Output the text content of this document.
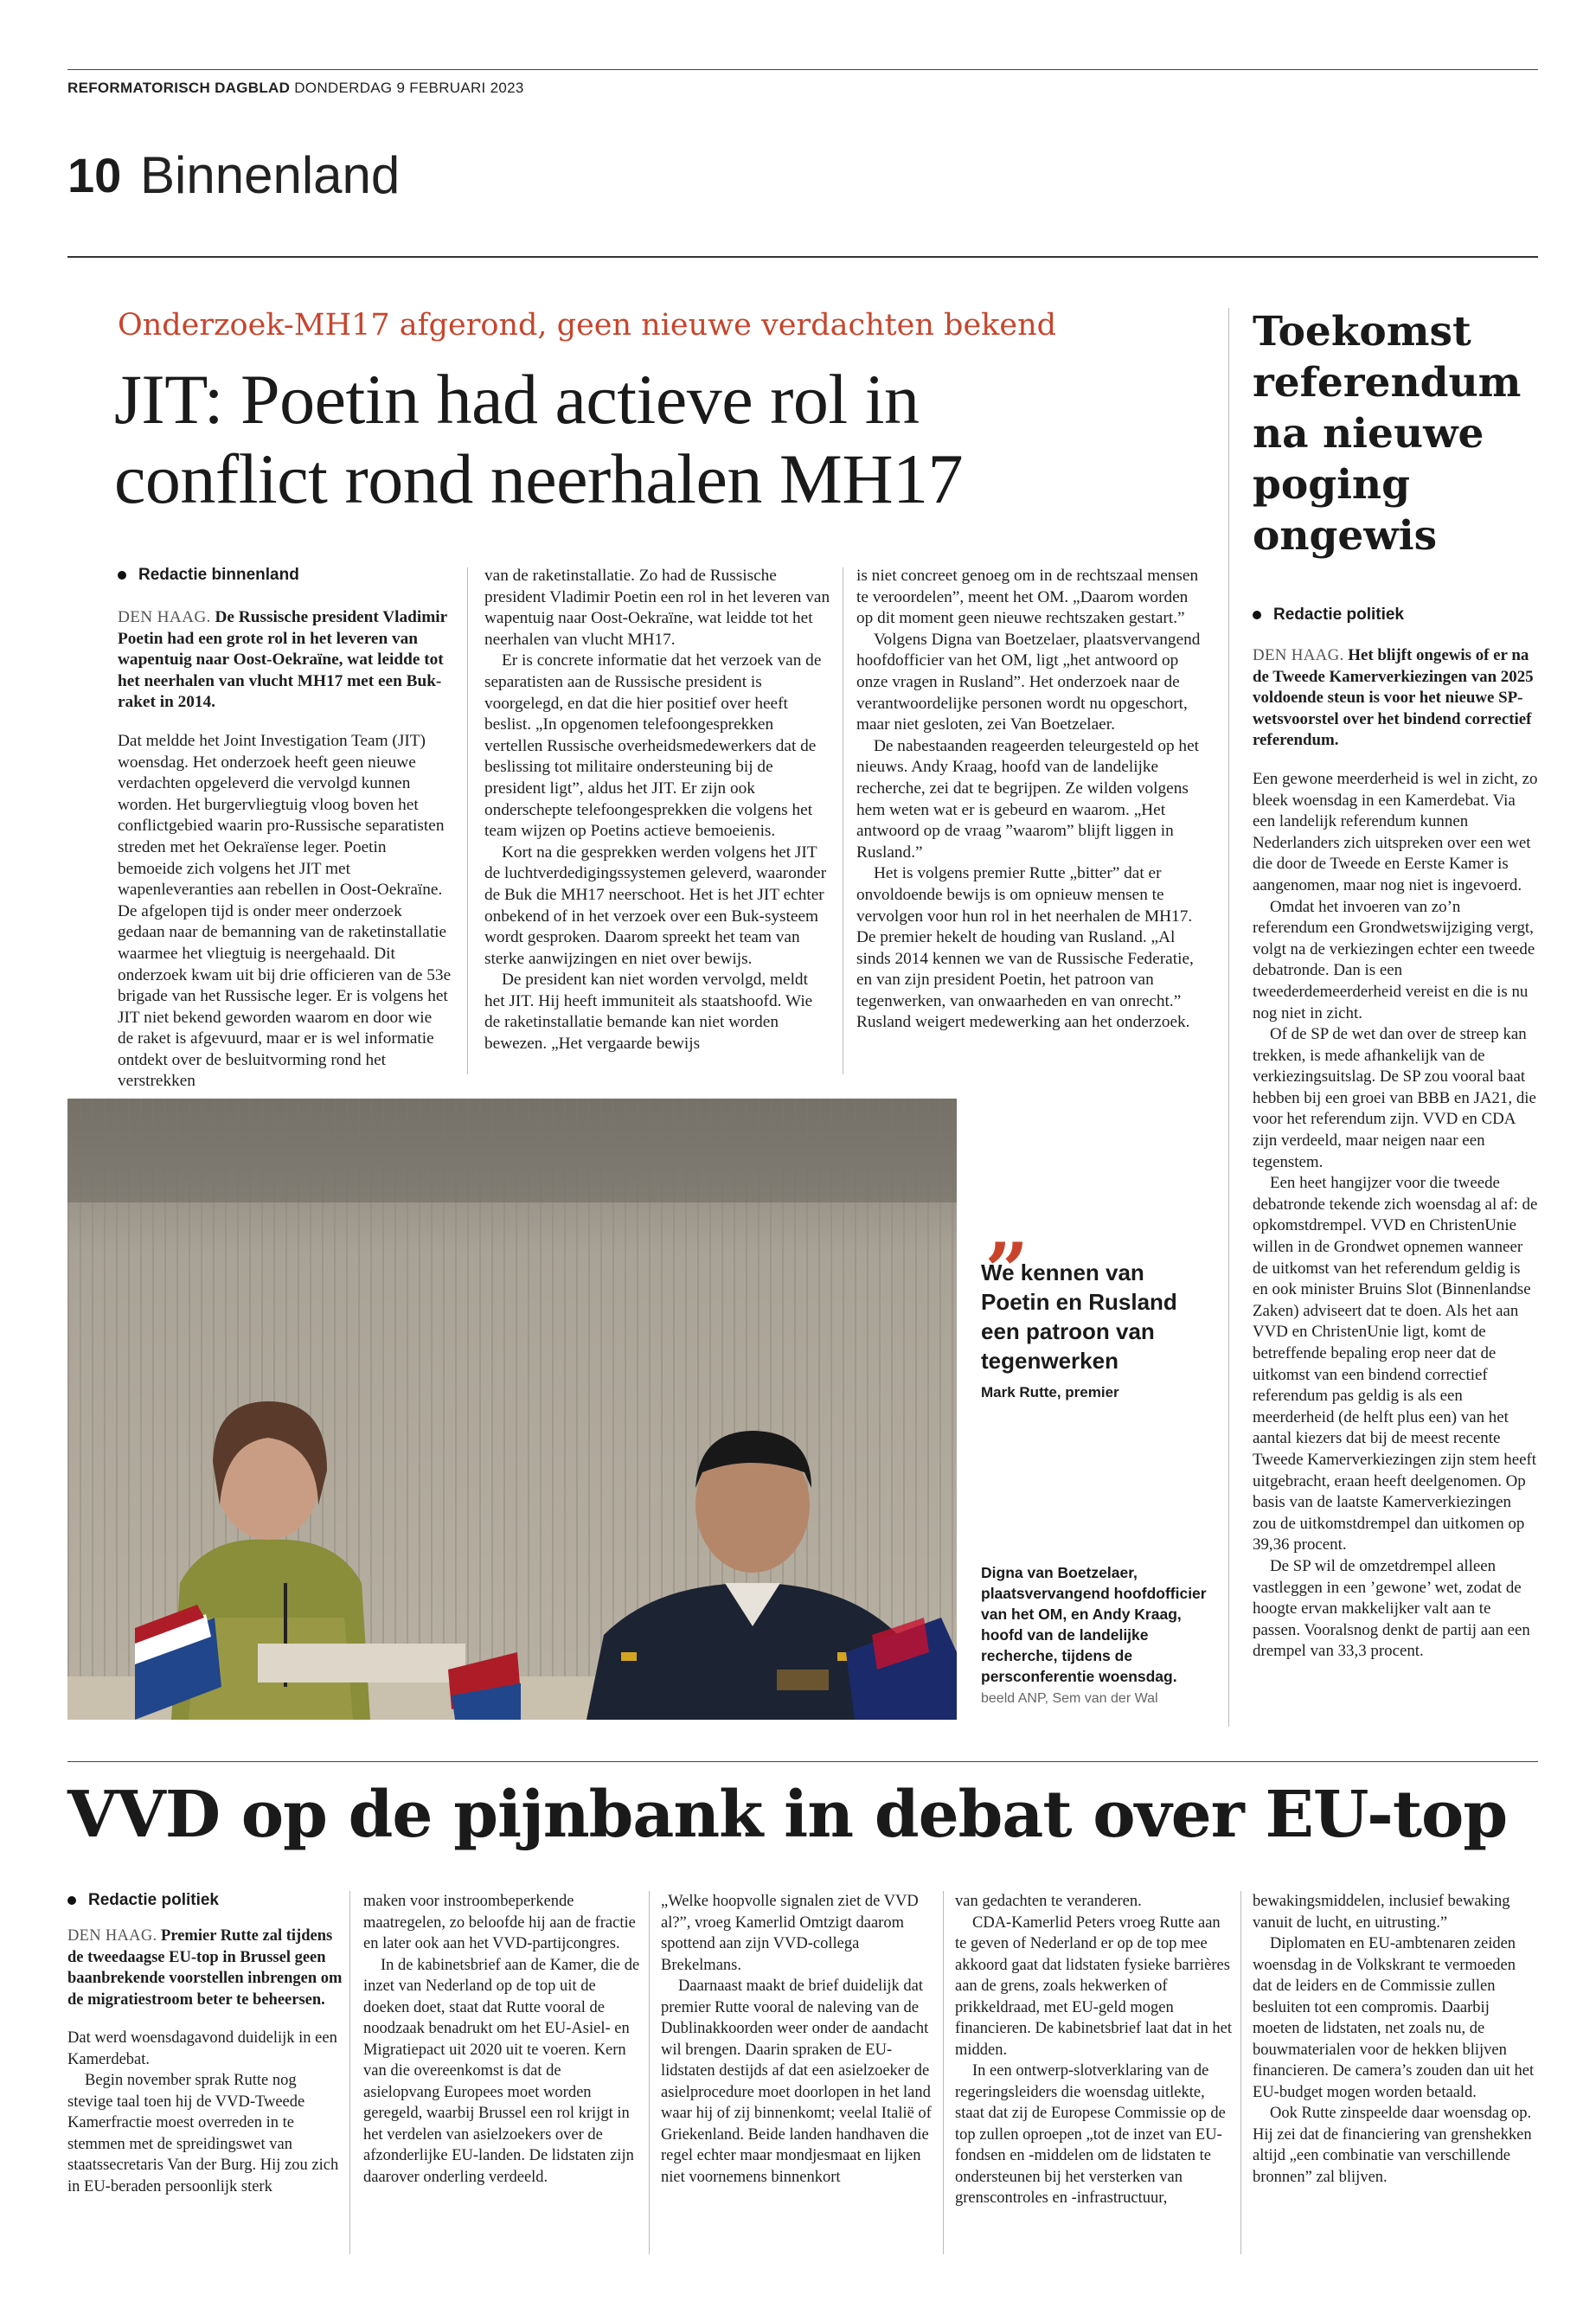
REFORMATORISCH DAGBLAD DONDERDAG 9 FEBRUARI 2023
10 Binnenland
Onderzoek-MH17 afgerond, geen nieuwe verdachten bekend
JIT: Poetin had actieve rol in
conflict rond neerhalen MH17
Redactie binnenland

DEN HAAG. De Russische president Vladimir Poetin had een grote rol in het leveren van wapentuig naar Oost-Oekraïne, wat leidde tot het neerhalen van vlucht MH17 met een Buk-raket in 2014.

Dat meldde het Joint Investigation Team (JIT) woensdag. Het onderzoek heeft geen nieuwe verdachten opgeleverd die vervolgd kunnen worden. Het burgervliegtuig vloog boven het conflictgebied waarin pro-Russische separatisten streden met het Oekraïense leger. Poetin bemoeide zich volgens het JIT met wapenleveranties aan rebellen in Oost-Oekraïne.

De afgelopen tijd is onder meer onderzoek gedaan naar de bemanning van de raketinstallatie waarmee het vliegtuig is neergehaald. Dit onderzoek kwam uit bij drie officieren van de 53e brigade van het Russische leger. Er is volgens het JIT niet bekend geworden waarom en door wie de raket is afgevuurd, maar er is wel informatie ontdekt over de besluitvorming rond het verstrekken

van de raketinstallatie. Zo had de Russische president Vladimir Poetin een rol in het leveren van wapentuig naar Oost-Oekraïne, wat leidde tot het neerhalen van vlucht MH17.

Er is concrete informatie dat het verzoek van de separatisten aan de Russische president is voorgelegd, en dat die hier positief over heeft beslist. „In opgenomen telefoongesprekken vertellen Russische overheidsmedewerkers dat de beslissing tot militaire ondersteuning bij de president ligt”, aldus het JIT. Er zijn ook onderschepte telefoongesprekken die volgens het team wijzen op Poetins actieve bemoeienis.

Kort na die gesprekken werden volgens het JIT de luchtverdedigingssystemen geleverd, waaronder de Buk die MH17 neerschoot. Het is het JIT echter onbekend of in het verzoek over een Buk-systeem wordt gesproken. Daarom spreekt het team van sterke aanwijzingen en niet over bewijs.

De president kan niet worden vervolgd, meldt het JIT. Hij heeft immuniteit als staatshoofd. Wie de raketinstallatie bemande kan niet worden bewezen. „Het vergaarde bewijs

is niet concreet genoeg om in de rechtszaal mensen te veroordelen”, meent het OM. „Daarom worden op dit moment geen nieuwe rechtszaken gestart.”

Volgens Digna van Boetzelaer, plaatsvervangend hoofdofficier van het OM, ligt „het antwoord op onze vragen in Rusland”. Het onderzoek naar de verantwoordelijke personen wordt nu opgeschort, maar niet gesloten, zei Van Boetzelaer.

De nabestaanden reageerden teleurgesteld op het nieuws. Andy Kraag, hoofd van de landelijke recherche, zei dat te begrijpen. Ze wilden volgens hem weten wat er is gebeurd en waarom. „Het antwoord op de vraag ”waarom” blijft liggen in Rusland.”

Het is volgens premier Rutte „bitter” dat er onvoldoende bewijs is om opnieuw mensen te vervolgen voor hun rol in het neerhalen de MH17. De premier hekelt de houding van Rusland. „Al sinds 2014 kennen we van de Russische Federatie, en van zijn president Poetin, het patroon van tegenwerken, van onwaarheden en van onrecht.” Rusland weigert medewerking aan het onderzoek.

„
We kennen van Poetin en Rusland een patroon van tegenwerken
Mark Rutte, premier
Digna van Boetzelaer, plaatsvervangend hoofdofficier van het OM, en Andy Kraag, hoofd van de landelijke recherche, tijdens de persconferentie woensdag. beeld ANP, Sem van der Wal
Toekomst referendum na nieuwe poging ongewis
Redactie politiek

DEN HAAG. Het blijft ongewis of er na de Tweede Kamerverkiezingen van 2025 voldoende steun is voor het nieuwe SP-wetsvoorstel over het bindend correctief referendum.

Een gewone meerderheid is wel in zicht, zo bleek woensdag in een Kamerdebat. Via een landelijk referendum kunnen Nederlanders zich uitspreken over een wet die door de Tweede en Eerste Kamer is aangenomen, maar nog niet is ingevoerd.

Omdat het invoeren van zo’n referendum een Grondwetswijziging vergt, volgt na de verkiezingen echter een tweede debatronde. Dan is een tweederdemeerderheid vereist en die is nu nog niet in zicht.

Of de SP de wet dan over de streep kan trekken, is mede afhankelijk van de verkiezingsuitslag. De SP zou vooral baat hebben bij een groei van BBB en JA21, die voor het referendum zijn. VVD en CDA zijn verdeeld, maar neigen naar een tegenstem.

Een heet hangijzer voor die tweede debatronde tekende zich woensdag al af: de opkomstdrempel. VVD en ChristenUnie willen in de Grondwet opnemen wanneer de uitkomst van het referendum geldig is en ook minister Bruins Slot (Binnenlandse Zaken) adviseert dat te doen. Als het aan VVD en ChristenUnie ligt, komt de betreffende bepaling erop neer dat de uitkomst van een bindend correctief referendum pas geldig is als een meerderheid (de helft plus een) van het aantal kiezers dat bij de meest recente Tweede Kamerverkiezingen zijn stem heeft uitgebracht, eraan heeft deelgenomen. Op basis van de laatste Kamerverkiezingen zou de uitkomstdrempel dan uitkomen op 39,36 procent.

De SP wil de omzetdrempel alleen vastleggen in een ’gewone’ wet, zodat de hoogte ervan makkelijker valt aan te passen. Vooralsnog denkt de partij aan een drempel van 33,3 procent.

VVD op de pijnbank in debat over EU-top
Redactie politiek

DEN HAAG. Premier Rutte zal tijdens de tweedaagse EU-top in Brussel geen baanbrekende voorstellen inbrengen om de migratiestroom beter te beheersen.

Dat werd woensdagavond duidelijk in een Kamerdebat.

Begin november sprak Rutte nog stevige taal toen hij de VVD-Tweede Kamerfractie moest overreden in te stemmen met de spreidingswet van staatssecretaris Van der Burg. Hij zou zich in EU-beraden persoonlijk sterk

maken voor instroombeperkende maatregelen, zo beloofde hij aan de fractie en later ook aan het VVD-partijcongres.

In de kabinetsbrief aan de Kamer, die de inzet van Nederland op de top uit de doeken doet, staat dat Rutte vooral de noodzaak benadrukt om het EU-Asiel- en Migratiepact uit 2020 uit te voeren. Kern van die overeenkomst is dat de asielopvang Europees moet worden geregeld, waarbij Brussel een rol krijgt in het verdelen van asielzoekers over de afzonderlijke EU-landen. De lidstaten zijn daarover onderling verdeeld.

„Welke hoopvolle signalen ziet de VVD al?”, vroeg Kamerlid Omtzigt daarom spottend aan zijn VVD-collega Brekelmans.

Daarnaast maakt de brief duidelijk dat premier Rutte vooral de naleving van de Dublinakkoorden weer onder de aandacht wil brengen. Daarin spraken de EU-lidstaten destijds af dat een asielzoeker de asielprocedure moet doorlopen in het land waar hij of zij binnenkomt; veelal Italië of Griekenland. Beide landen handhaven die regel echter maar mondjesmaat en lijken niet voornemens binnenkort

van gedachten te veranderen.

CDA-Kamerlid Peters vroeg Rutte aan te geven of Nederland er op de top mee akkoord gaat dat lidstaten fysieke barrières aan de grens, zoals hekwerken of prikkeldraad, met EU-geld mogen financieren. De kabinetsbrief laat dat in het midden.

In een ontwerp-slotverklaring van de regeringsleiders die woensdag uitlekte, staat dat zij de Europese Commissie op de top zullen oproepen „tot de inzet van EU-fondsen en -middelen om de lidstaten te ondersteunen bij het versterken van grenscontroles en -infrastructuur,

bewakingsmiddelen, inclusief bewaking vanuit de lucht, en uitrusting.”

Diplomaten en EU-ambtenaren zeiden woensdag in de Volkskrant te vermoeden dat de leiders en de Commissie zullen besluiten tot een compromis. Daarbij moeten de lidstaten, net zoals nu, de bouwmaterialen voor de hekken blijven financieren. De camera’s zouden dan uit het EU-budget mogen worden betaald.

Ook Rutte zinspeelde daar woensdag op. Hij zei dat de financiering van grenshekken altijd „een combinatie van verschillende bronnen” zal blijven.
